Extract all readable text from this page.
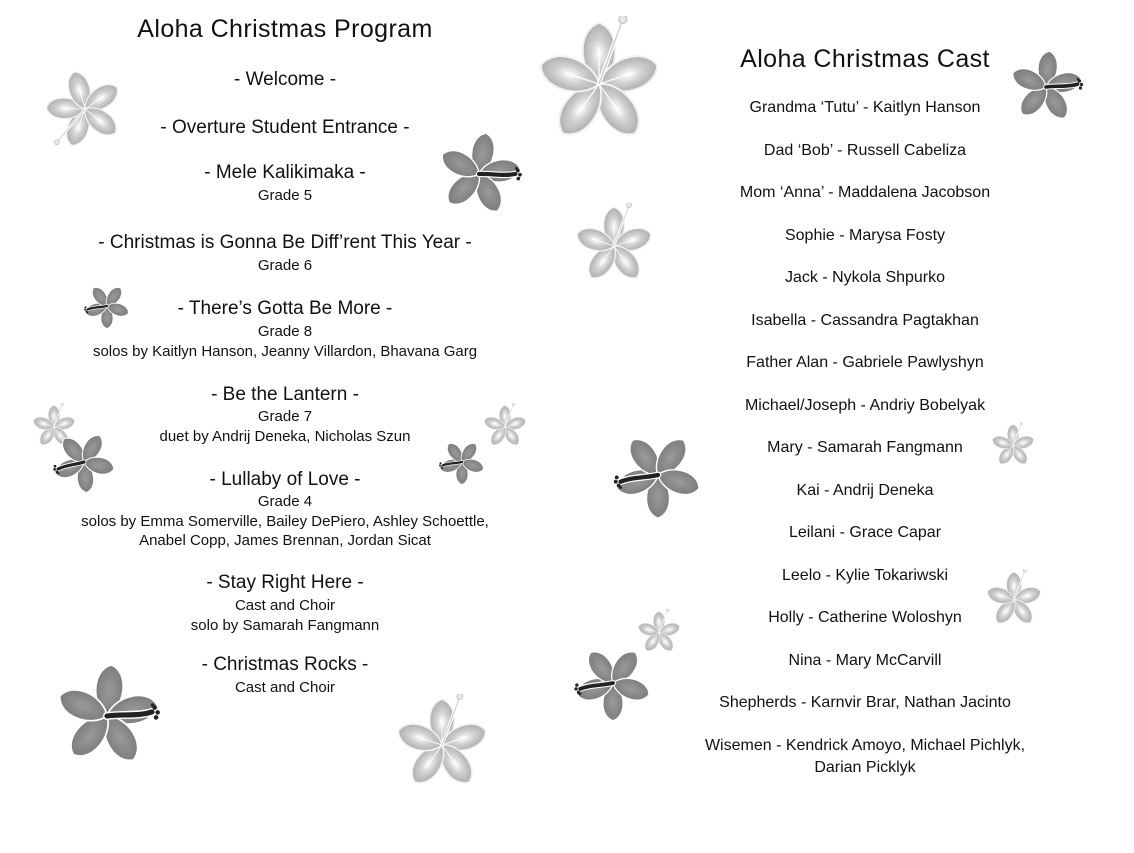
Aloha Christmas Program
- Welcome -
- Overture Student Entrance -
- Mele Kalikimaka -
Grade 5
- Christmas is Gonna Be Diff’rent This Year -
Grade 6
- There’s Gotta Be More -
Grade 8
solos by Kaitlyn Hanson, Jeanny Villardon, Bhavana Garg
- Be the Lantern -
Grade 7
duet by Andrij Deneka, Nicholas Szun
- Lullaby of Love -
Grade 4
solos by Emma Somerville, Bailey DePiero, Ashley Schoettle,
Anabel Copp, James Brennan, Jordan Sicat
- Stay Right Here -
Cast and Choir
solo by Samarah Fangmann
- Christmas Rocks -
Cast and Choir
Aloha Christmas Cast
Grandma ‘Tutu’ - Kaitlyn Hanson
Dad ‘Bob’ - Russell Cabeliza
Mom ‘Anna’ - Maddalena Jacobson
Sophie - Marysa Fosty
Jack - Nykola Shpurko
Isabella - Cassandra Pagtakhan
Father Alan - Gabriele Pawlyshyn
Michael/Joseph - Andriy Bobelyak
Mary - Samarah Fangmann
Kai - Andrij Deneka
Leilani - Grace Capar
Leelo - Kylie Tokariwski
Holly - Catherine Woloshyn
Nina - Mary McCarvill
Shepherds - Karnvir Brar, Nathan Jacinto
Wisemen - Kendrick Amoyo, Michael Pichlyk,
Darian Picklyk
